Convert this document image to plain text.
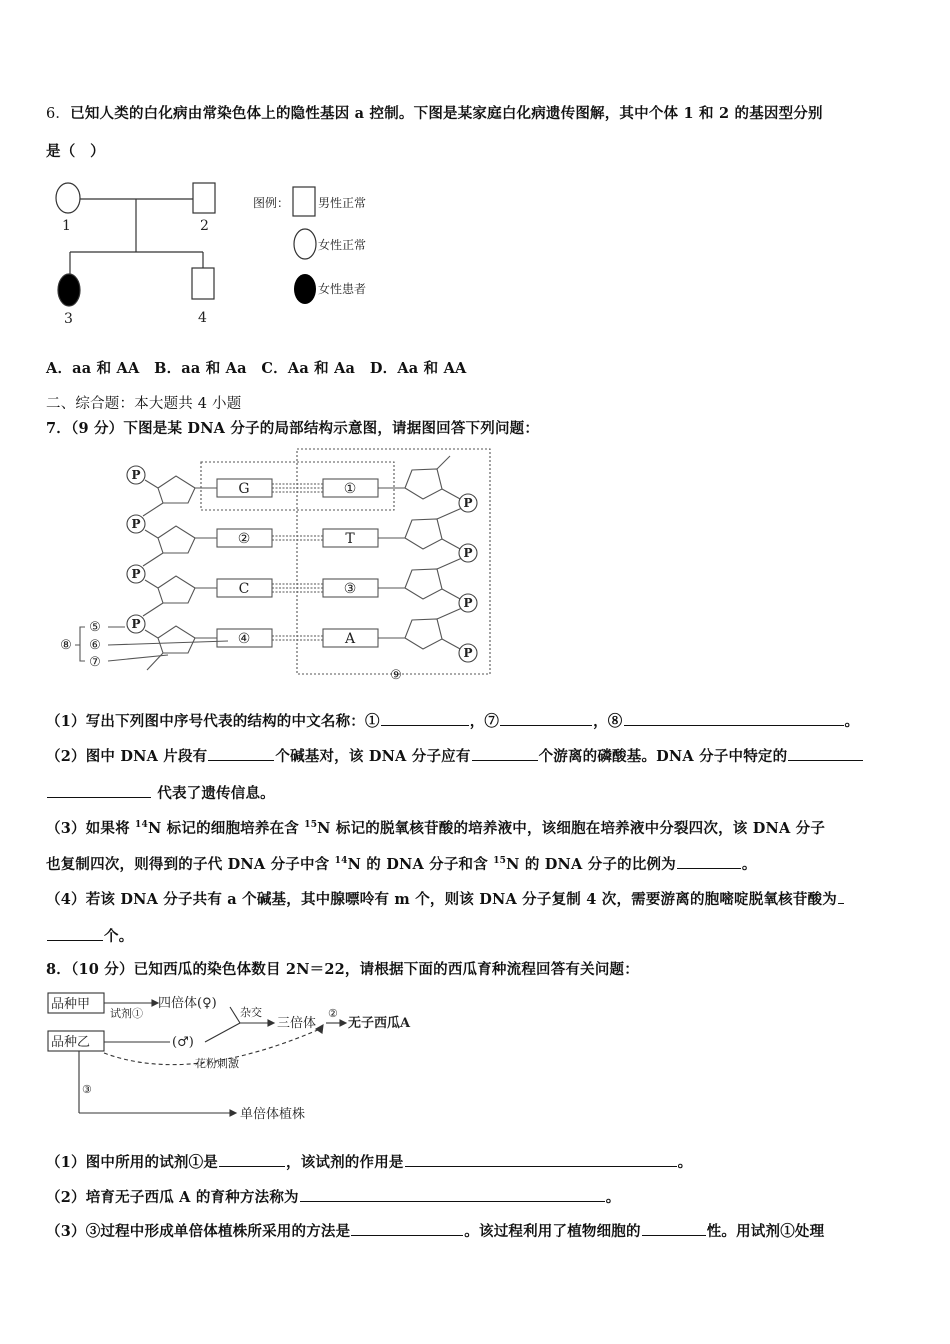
6．已知人类的白化病由常染色体上的隐性基因 a 控制。下图是某家庭白化病遗传图解，其中个体 1 和 2 的基因型分别
是（　）
1	2
3	4
图例： 男性正常
女性正常
女性患者
A．aa 和 AA　B．aa 和 Aa　C．Aa 和 Aa　D．Aa 和 AA
二、综合题：本大题共 4 小题
7．（9 分）下图是某 DNA 分子的局部结构示意图，请据图回答下列问题：
P
P
P
P
P
P
P
P
G
②
C
④
①
T
③
A
⑤
⑥
⑦
⑧
⑨
（1）写出下列图中序号代表的结构的中文名称：①	，⑦	，⑧	。
（2）图中 DNA 片段有	个碱基对，该 DNA 分子应有	个游离的磷酸基。DNA 分子中特定的
代表了遗传信息。
（3）如果将 $^{14}$N 标记的细胞培养在含 $^{15}$N 标记的脱氧核苷酸的培养液中，该细胞在培养液中分裂四次，该 DNA 分子
也复制四次，则得到的子代 DNA 分子中含 $^{14}$N 的 DNA 分子和含 $^{15}$N 的 DNA 分子的比例为	。
（4）若该 DNA 分子共有 a 个碱基，其中腺嘌呤有 m 个，则该 DNA 分子复制 4 次，需要游离的胞嘧啶脱氧核苷酸为
个。
8．（10 分）已知西瓜的染色体数目 2N＝22，请根据下面的西瓜育种流程回答有关问题：
品种甲
品种乙
试剂①
四倍体(♀)
(♂)
杂交
三倍体
②
无子西瓜A
花粉刺激
③
单倍体植株
（1）图中所用的试剂①是	，该试剂的作用是	。
（2）培育无子西瓜 A 的育种方法称为	。
（3）③过程中形成单倍体植株所采用的方法是	。该过程利用了植物细胞的	性。用试剂①处理
